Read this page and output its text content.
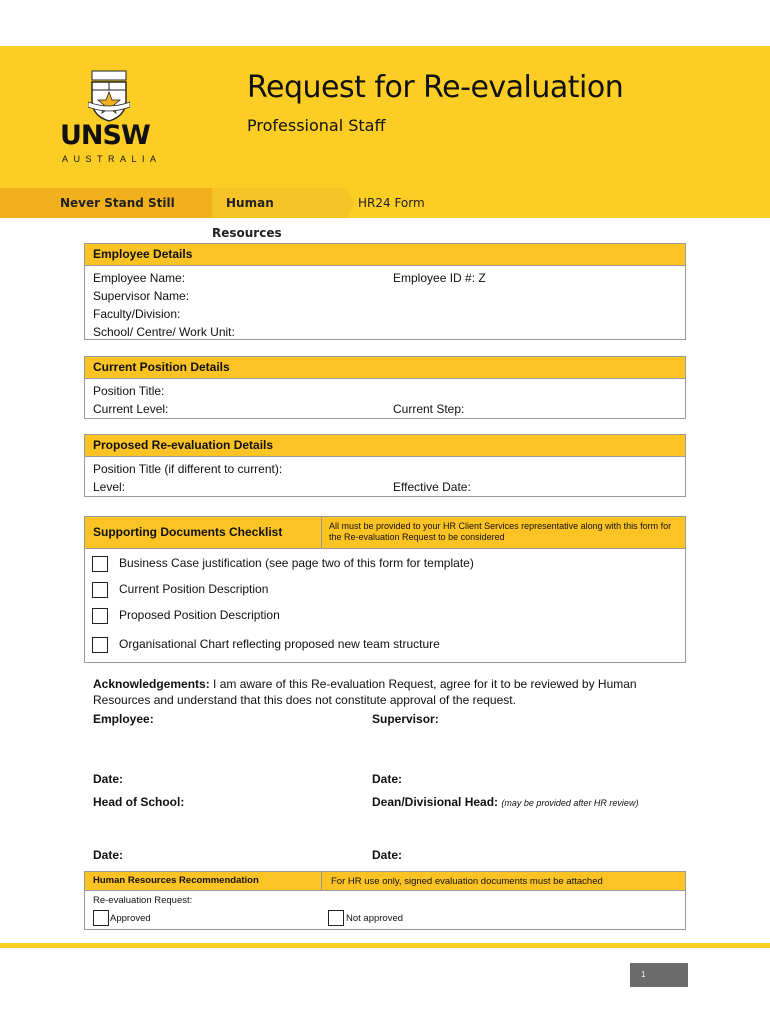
UNSW
AUSTRALIA
Request for Re-evaluation
Professional Staff
Never Stand Still	Human Resources
HR24 Form
Employee Details
Employee Name:	Employee ID #: Z
Supervisor Name:
Faculty/Division:
School/ Centre/ Work Unit:
Current Position Details
Position Title:
Current Level:	Current Step:
Proposed Re-evaluation Details
Position Title (if different to current):
Level:	Effective Date:
Supporting Documents Checklist	All must be provided to your HR Client Services representative along with this form for the Re-evaluation Request to be considered
Business Case justification (see page two of this form for template)
Current Position Description
Proposed Position Description
Organisational Chart reflecting proposed new team structure
Acknowledgements: I am aware of this Re-evaluation Request, agree for it to be reviewed by Human Resources and understand that this does not constitute approval of the request.
Employee:	Supervisor:
Date:	Date:
Head of School:	Dean/Divisional Head: (may be provided after HR review)
Date:	Date:
Human Resources Recommendation	For HR use only, signed evaluation documents must be attached
Re-evaluation Request:
Approved	Not approved
1
